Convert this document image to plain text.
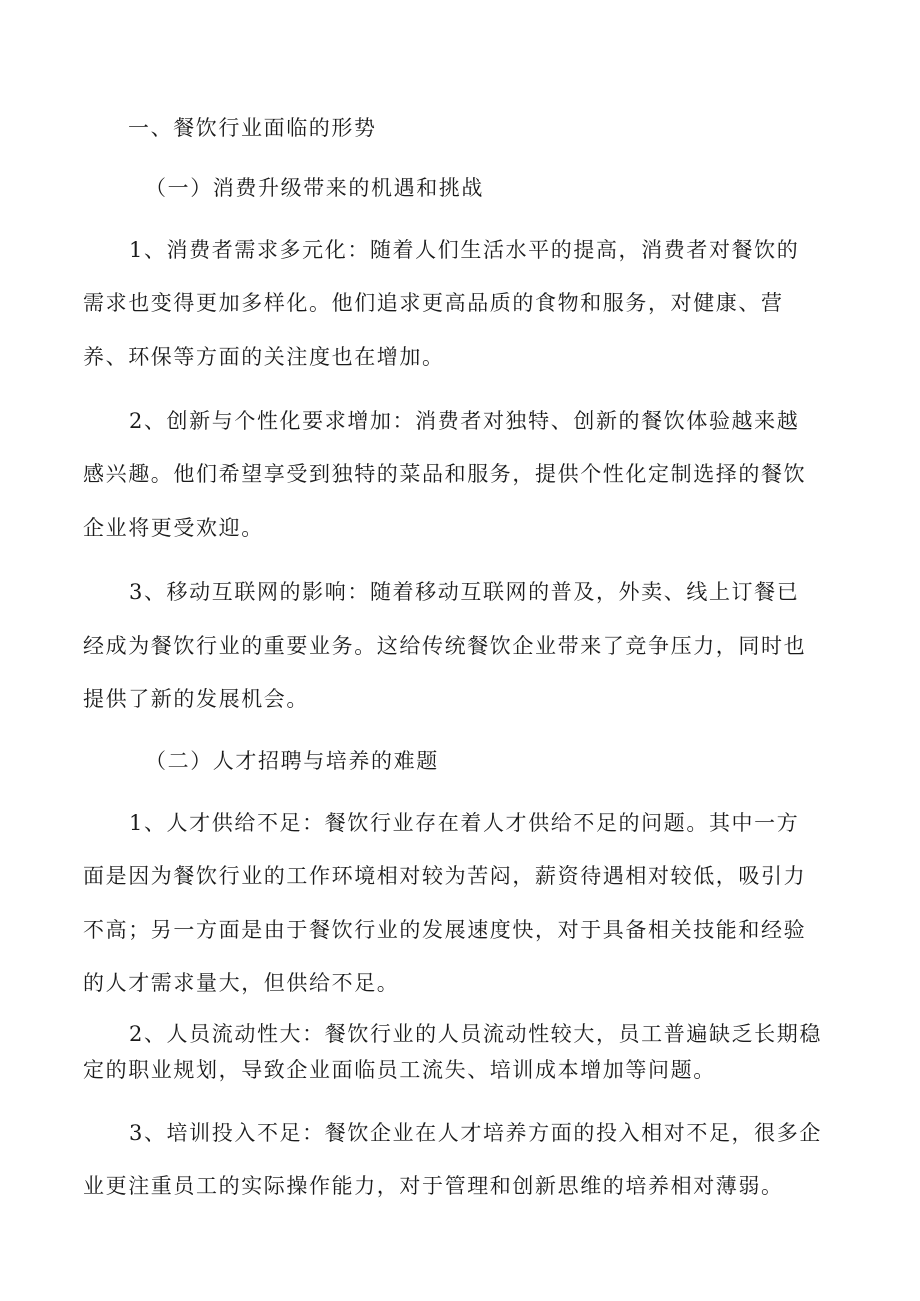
一、餐饮行业面临的形势
（一）消费升级带来的机遇和挑战
1、消费者需求多元化：随着人们生活水平的提高，消费者对餐饮的
需求也变得更加多样化。他们追求更高品质的食物和服务，对健康、营
养、环保等方面的关注度也在增加。
2、创新与个性化要求增加：消费者对独特、创新的餐饮体验越来越
感兴趣。他们希望享受到独特的菜品和服务，提供个性化定制选择的餐饮
企业将更受欢迎。
3、移动互联网的影响：随着移动互联网的普及，外卖、线上订餐已
经成为餐饮行业的重要业务。这给传统餐饮企业带来了竞争压力，同时也
提供了新的发展机会。
（二）人才招聘与培养的难题
1、人才供给不足：餐饮行业存在着人才供给不足的问题。其中一方
面是因为餐饮行业的工作环境相对较为苦闷，薪资待遇相对较低，吸引力
不高；另一方面是由于餐饮行业的发展速度快，对于具备相关技能和经验
的人才需求量大，但供给不足。
2、人员流动性大：餐饮行业的人员流动性较大，员工普遍缺乏长期稳
定的职业规划，导致企业面临员工流失、培训成本增加等问题。
3、培训投入不足：餐饮企业在人才培养方面的投入相对不足，很多企
业更注重员工的实际操作能力，对于管理和创新思维的培养相对薄弱。
